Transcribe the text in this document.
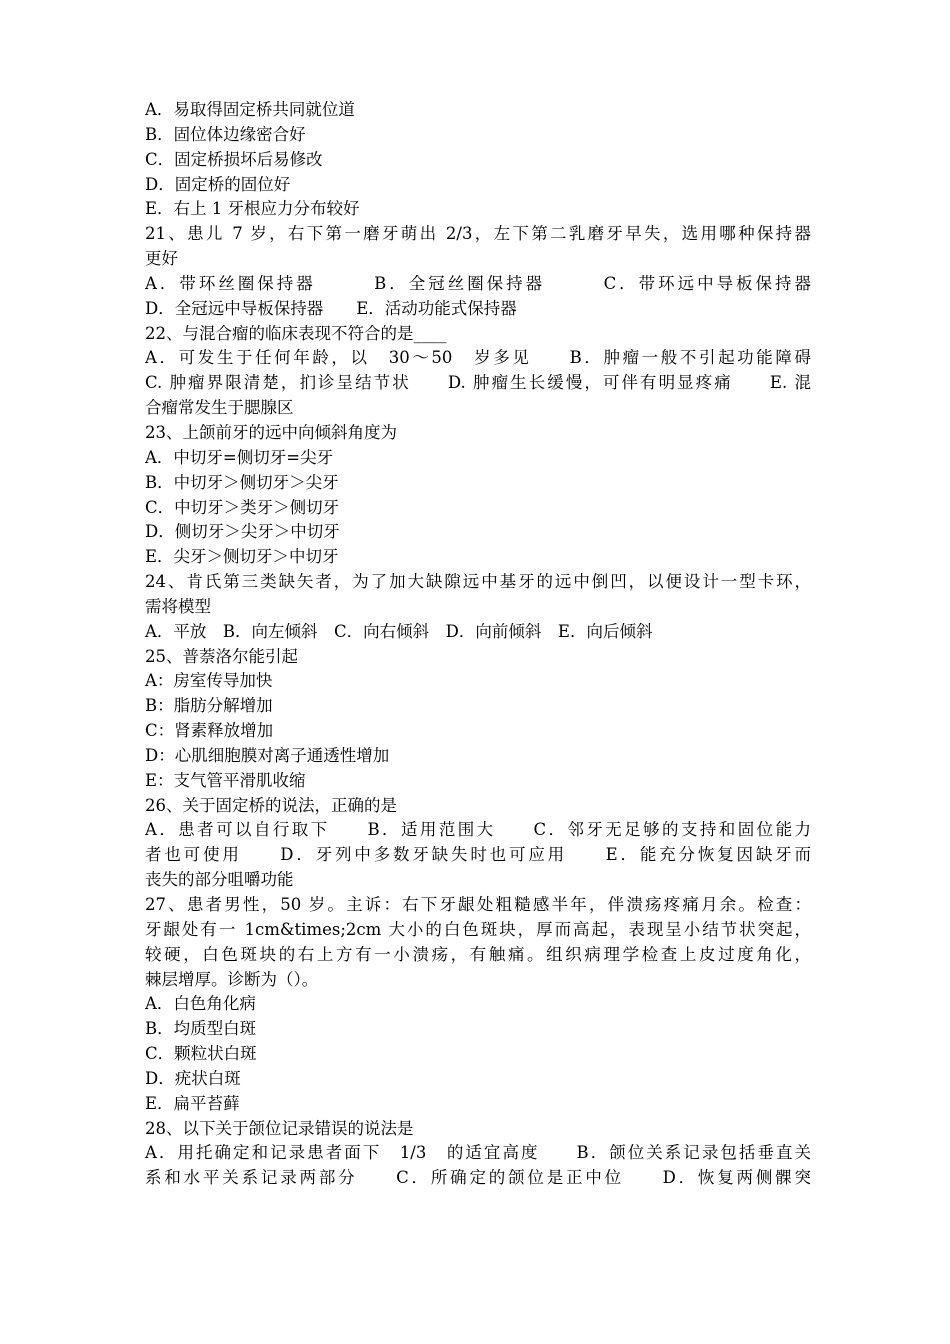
A．易取得固定桥共同就位道
B．固位体边缘密合好
C．固定桥损坏后易修改
D．固定桥的固位好
E．右上 1 牙根应力分布较好
21、患儿 7 岁，右下第一磨牙萌出 2/3，左下第二乳磨牙早失，选用哪种保持器
更好
A．带环丝圈保持器　　　B．全冠丝圈保持器　　　C．带环远中导板保持器
D．全冠远中导板保持器　　E．活动功能式保持器
22、与混合瘤的临床表现不符合的是____
A．可发生于任何年龄，以　30～50　岁多见　　B．肿瘤一般不引起功能障碍
C. 肿瘤界限清楚，扪诊呈结节状　　D. 肿瘤生长缓慢，可伴有明显疼痛　　E. 混
合瘤常发生于腮腺区
23、上颌前牙的远中向倾斜角度为
A．中切牙=侧切牙=尖牙
B．中切牙＞侧切牙＞尖牙
C．中切牙＞类牙＞侧切牙
D．侧切牙＞尖牙＞中切牙
E．尖牙＞侧切牙＞中切牙
24、肯氏第三类缺矢者，为了加大缺隙远中基牙的远中倒凹，以便设计一型卡环，
需将模型
A．平放　B．向左倾斜　C．向右倾斜　D．向前倾斜　E．向后倾斜
25、普萘洛尔能引起
A：房室传导加快
B：脂肪分解增加
C：肾素释放增加
D：心肌细胞膜对离子通透性增加
E：支气管平滑肌收缩
26、关于固定桥的说法，正确的是
A．患者可以自行取下　　B．适用范围大　　C．邻牙无足够的支持和固位能力
者也可使用　　D．牙列中多数牙缺失时也可应用　　E．能充分恢复因缺牙而
丧失的部分咀嚼功能
27、患者男性，50 岁。主诉：右下牙龈处粗糙感半年，伴溃疡疼痛月余。检查：
牙龈处有一 1cm&times;2cm 大小的白色斑块，厚而高起，表现呈小结节状突起，
较硬，白色斑块的右上方有一小溃疡，有触痛。组织病理学检查上皮过度角化，
棘层增厚。诊断为（）。
A．白色角化病
B．均质型白斑
C．颗粒状白斑
D．疣状白斑
E．扁平苔藓
28、以下关于颌位记录错误的说法是
A．用托确定和记录患者面下　1/3　的适宜高度　　B．颌位关系记录包括垂直关
系和水平关系记录两部分　　C．所确定的颌位是正中位　　D．恢复两侧髁突
